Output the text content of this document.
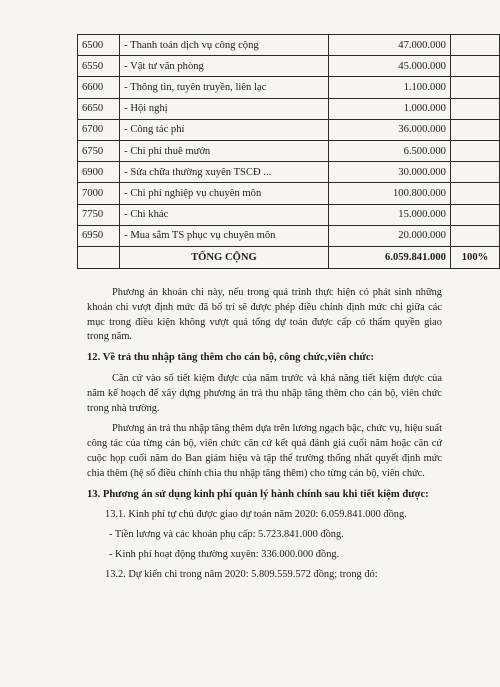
6500	- Thanh toán dịch vụ công cộng	47.000.000	
6550	- Vật tư văn phòng	45.000.000	
6600	- Thông tin, tuyên truyền, liên lạc	1.100.000	
6650	- Hội nghị	1.000.000	
6700	- Công tác phí	36.000.000	
6750	- Chi phí thuê mướn	6.500.000	
6900	- Sửa chữa thường xuyên TSCĐ ...	30.000.000	
7000	- Chi phí nghiệp vụ chuyên môn	100.800.000	
7750	- Chi khác	15.000.000	
6950	- Mua sắm TS phục vụ chuyên môn	20.000.000	
	TỔNG CỘNG	6.059.841.000	100%

Phương án khoán chi này, nếu trong quá trình thực hiện có phát sinh những khoản chi vượt định mức đã bố trí sẽ được phép điều chỉnh định mức chi giữa các mục trong điều kiện không vượt quá tổng dự toán được cấp có thẩm quyền giao trong năm.

12. Về trả thu nhập tăng thêm cho cán bộ, công chức,viên chức:

Căn cứ vào số tiết kiệm được của năm trước và khả năng tiết kiệm được của năm kế hoạch để xây dựng phương án trả thu nhập tăng thêm cho cán bộ, viên chức trong nhà trường.

Phương án trả thu nhập tăng thêm dựa trên lương ngạch bậc, chức vụ, hiệu suất công tác của từng cán bộ, viên chức căn cứ kết quả đánh giá cuối năm hoặc căn cứ cuộc họp cuối năm do Ban giám hiệu và tập thể trường thống nhất quyết định mức chia thêm (hệ số điều chỉnh chia thu nhập tăng thêm) cho từng cán bộ, viên chức.

13. Phương án sử dụng kinh phí quản lý hành chính sau khi tiết kiệm được:

13.1. Kinh phí tự chủ được giao dự toán năm 2020: 6.059.841.000 đồng.

- Tiền lương và các khoản phụ cấp: 5.723.841.000 đồng.

- Kinh phí hoạt động thường xuyên: 336.000.000 đồng.

13.2. Dự kiến chi trong năm 2020: 5.809.559.572 đồng; trong đó:
